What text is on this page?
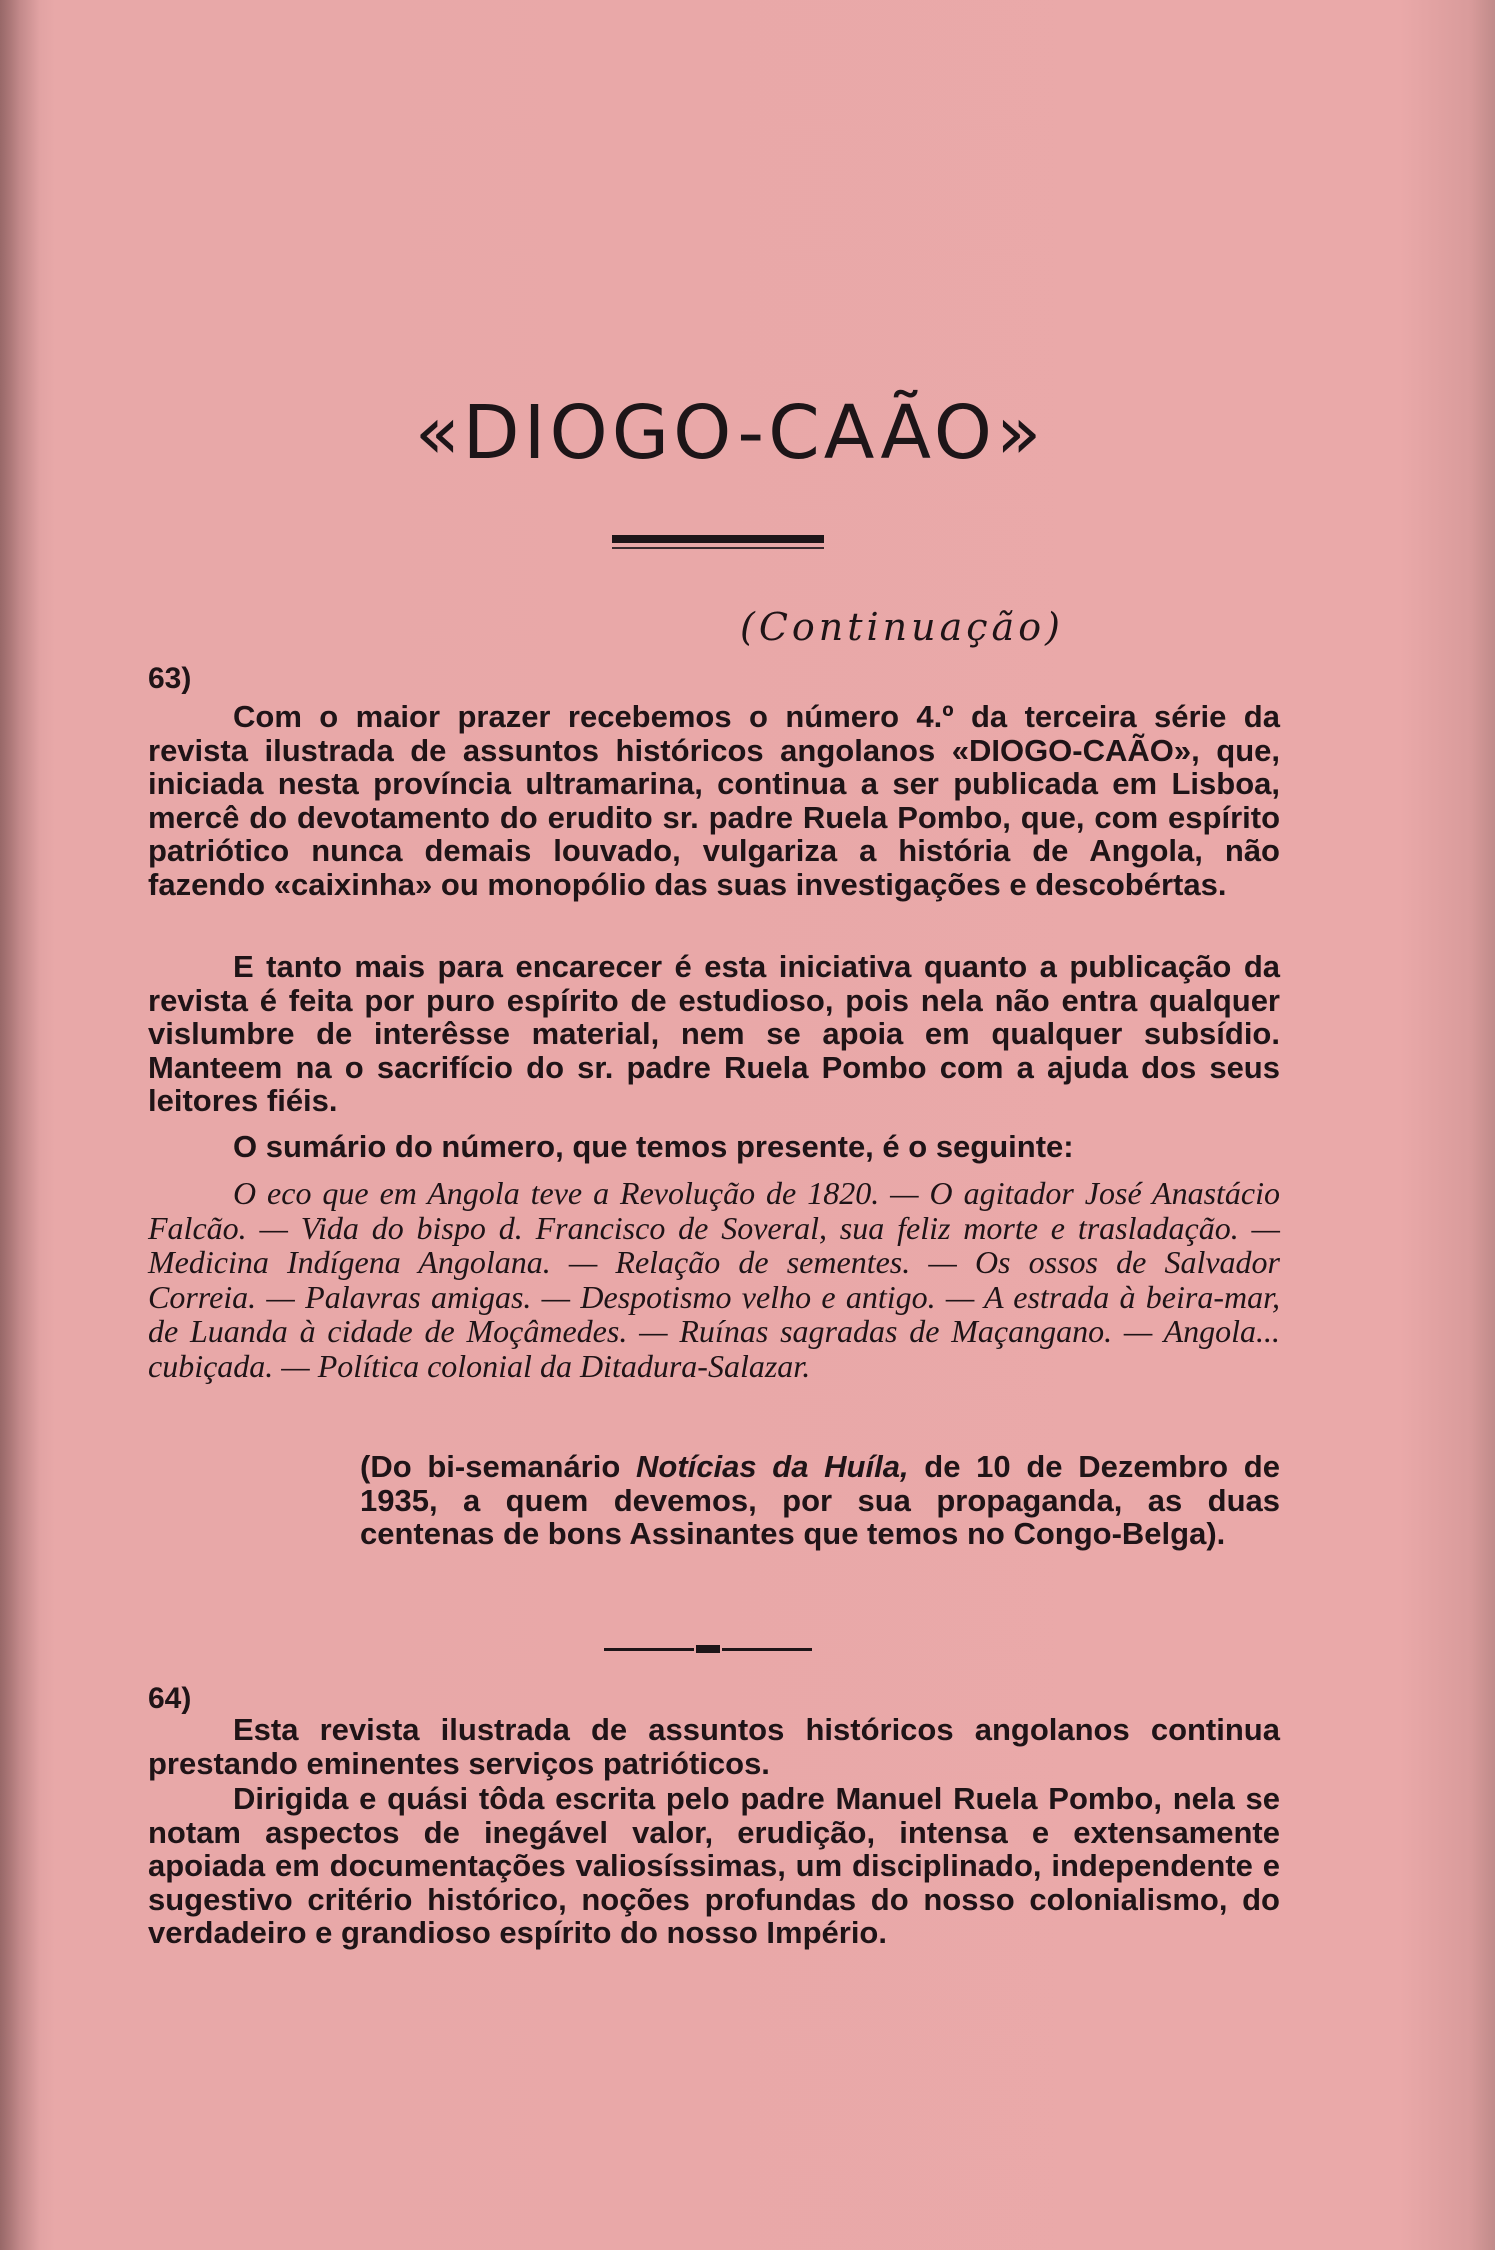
«DIOGO-CAÃO»
(Continuação)
63)
Com o maior prazer recebemos o número 4.º da terceira série da revista ilustrada de assuntos históricos angolanos «DIOGO-CAÃO», que, iniciada nesta província ultramarina, continua a ser publicada em Lisboa, mercê do devotamento do erudito sr. padre Ruela Pombo, que, com espírito patriótico nunca demais louvado, vulgariza a história de Angola, não fazendo «caixinha» ou monopólio das suas investigações e descobértas.
E tanto mais para encarecer é esta iniciativa quanto a publicação da revista é feita por puro espírito de estudioso, pois nela não entra qualquer vislumbre de interêsse material, nem se apoia em qualquer subsídio. Manteem na o sacrifício do sr. padre Ruela Pombo com a ajuda dos seus leitores fiéis.
O sumário do número, que temos presente, é o seguinte:
O eco que em Angola teve a Revolução de 1820. — O agitador José Anastácio Falcão. — Vida do bispo d. Francisco de Soveral, sua feliz morte e trasladação. — Medicina Indígena Angolana. — Relação de sementes. — Os ossos de Salvador Correia. — Palavras amigas. — Despotismo velho e antigo. — A estrada à beira-mar, de Luanda à cidade de Moçâmedes. — Ruínas sagradas de Maçangano. — Angola... cubiçada. — Política colonial da Ditadura-Salazar.
(Do bi-semanário Notícias da Huíla, de 10 de Dezembro de 1935, a quem devemos, por sua propaganda, as duas centenas de bons Assinantes que temos no Congo-Belga).
64)
Esta revista ilustrada de assuntos históricos angolanos continua prestando eminentes serviços patrióticos.
Dirigida e quási tôda escrita pelo padre Manuel Ruela Pombo, nela se notam aspectos de inegável valor, erudição, intensa e extensamente apoiada em documentações valiosíssimas, um disciplinado, independente e sugestivo critério histórico, noções profundas do nosso colonialismo, do verdadeiro e grandioso espírito do nosso Império.
